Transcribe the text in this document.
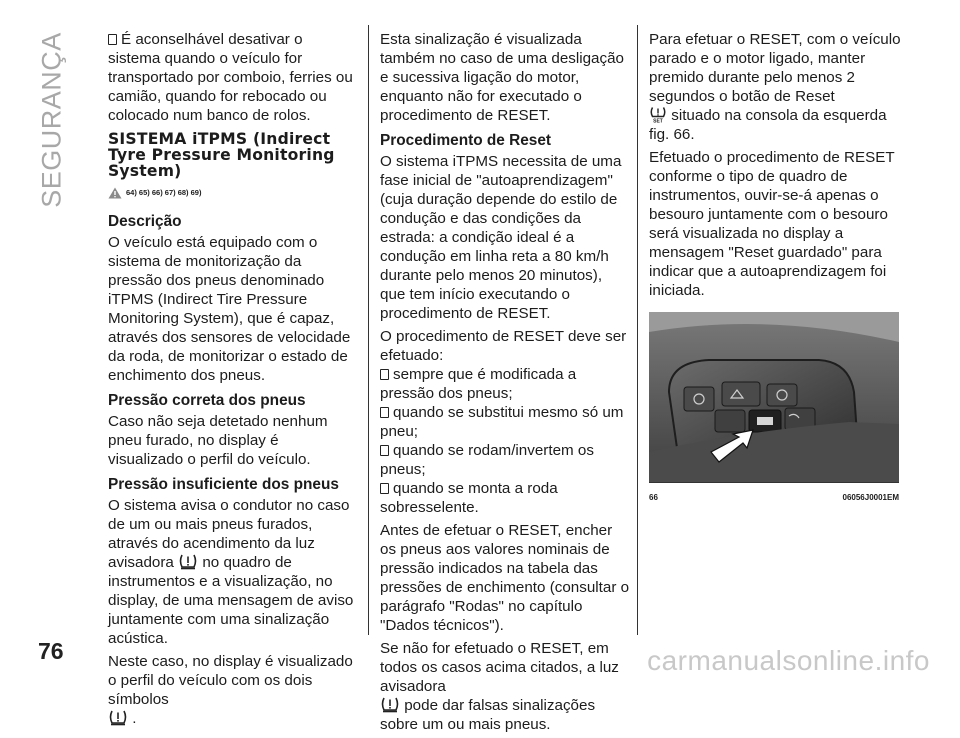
SEGURANÇA	É aconselhável desativar o sistema quando o veículo for transportado por comboio, ferries ou camião, quando for rebocado ou colocado num banco de rolos.

SISTEMA iTPMS (Indirect Tyre Pressure Monitoring System)
64) 65) 66) 67) 68) 69)
Descrição

O veículo está equipado com o sistema de monitorização da pressão dos pneus denominado iTPMS (Indirect Tire Pressure Monitoring System), que é capaz, através dos sensores de velocidade da roda, de monitorizar o estado de enchimento dos pneus.

Pressão correta dos pneus

Caso não seja detetado nenhum pneu furado, no display é visualizado o perfil do veículo.

Pressão insuficiente dos pneus

O sistema avisa o condutor no caso de um ou mais pneus furados, através do acendimento da luz avisadora no quadro de instrumentos e a visualização, no display, de uma mensagem de aviso juntamente com uma sinalização acústica.

Neste caso, no display é visualizado o perfil do veículo com os dois símbolos
.

Esta sinalização é visualizada também no caso de uma desligação e sucessiva ligação do motor, enquanto não for executado o procedimento de RESET.

Procedimento de Reset

O sistema iTPMS necessita de uma fase inicial de "autoaprendizagem" (cuja duração depende do estilo de condução e das condições da estrada: a condição ideal é a condução em linha reta a 80 km/h durante pelo menos 20 minutos), que tem início executando o procedimento de RESET.

O procedimento de RESET deve ser efetuado:

sempre que é modificada a pressão dos pneus;

quando se substitui mesmo só um pneu;

quando se rodam/invertem os pneus;

quando se monta a roda sobresselente.

Antes de efetuar o RESET, encher os pneus aos valores nominais de pressão indicados na tabela das pressões de enchimento (consultar o parágrafo "Rodas" no capítulo "Dados técnicos").

Se não for efetuado o RESET, em todos os casos acima citados, a luz avisadora
pode dar falsas sinalizações sobre um ou mais pneus.

Para efetuar o RESET, com o veículo parado e o motor ligado, manter premido durante pelo menos 2 segundos o botão de Reset

SET situado na consola da esquerda fig. 66.

Efetuado o procedimento de RESET conforme o tipo de quadro de instrumentos, ouvir-se-á apenas o besouro juntamente com o besouro será visualizada no display a mensagem "Reset guardado" para indicar que a autoaprendizagem foi iniciada.

66	06056J0001EM
76	carmanualsonline.info
